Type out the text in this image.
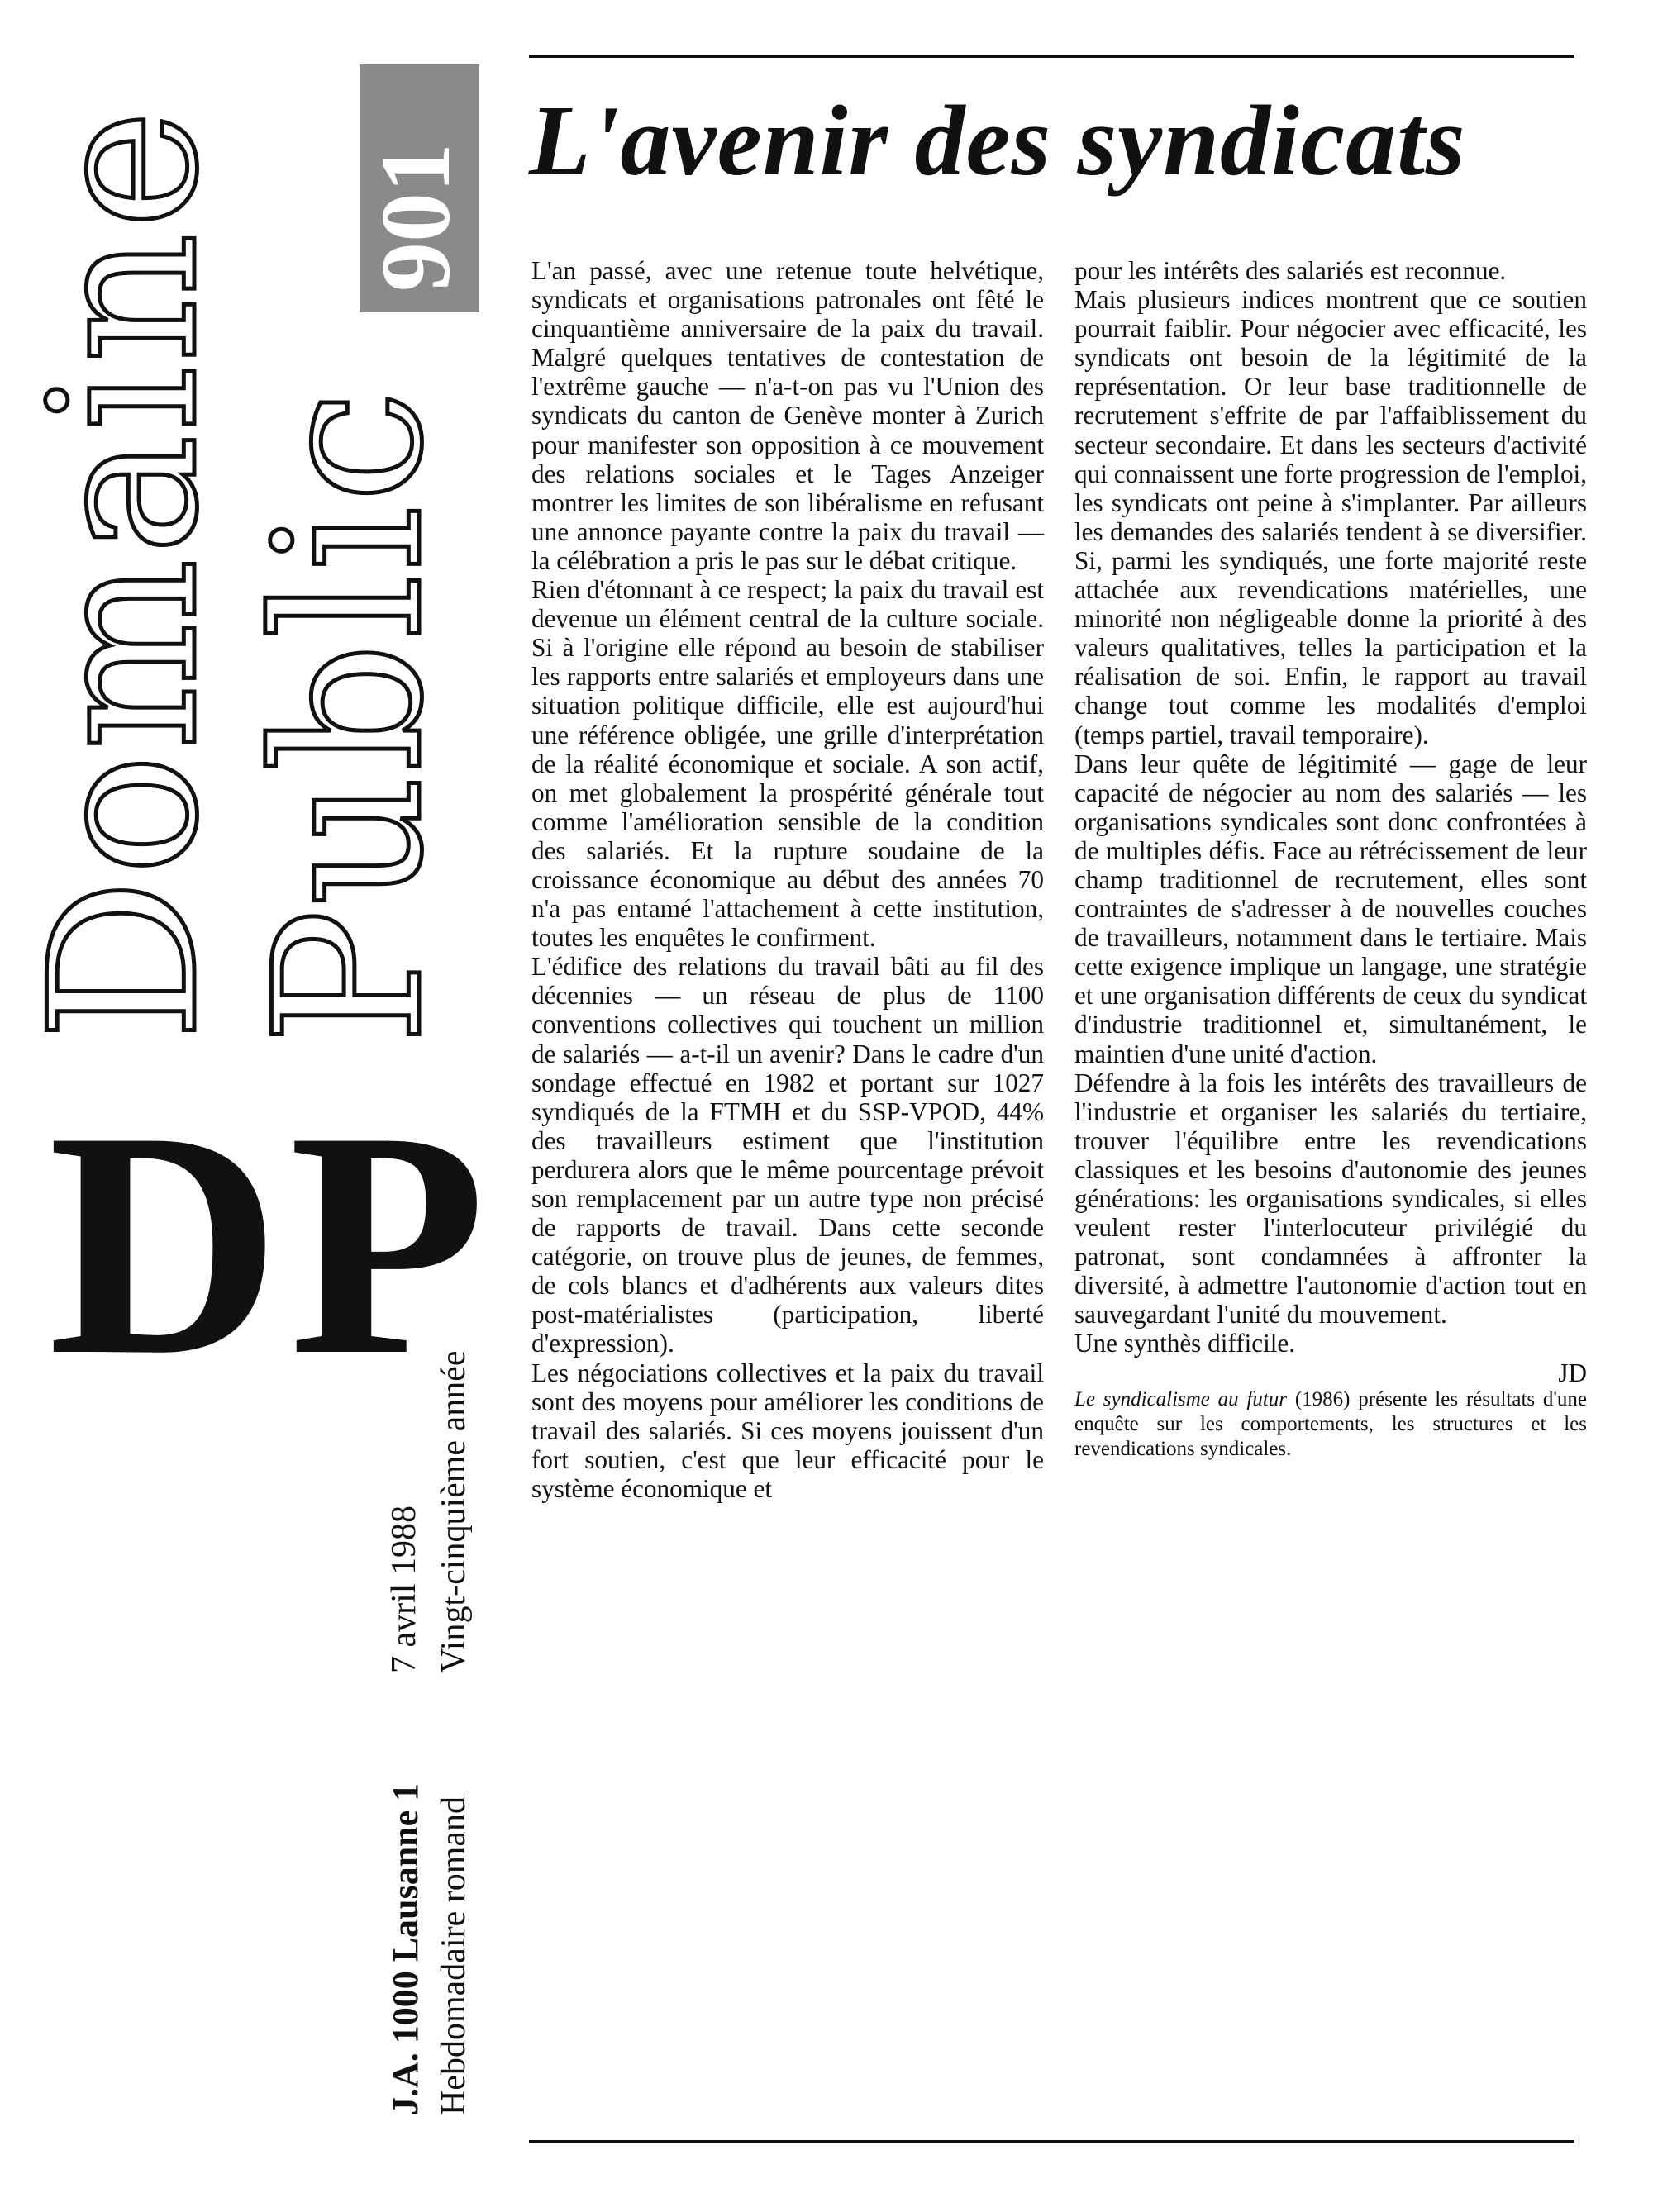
Domaine
Public
901
DP
J.A. 1000 Lausanne 1 Hebdomadaire romand
7 avril 1988 Vingt-cinquième année
L'avenir des syndicats

L'an passé, avec une retenue toute helvétique, syndicats et organisations patronales ont fêté le cinquantième anniversaire de la paix du travail. Malgré quelques tentatives de contestation de l'extrême gauche — n'a-t-on pas vu l'Union des syndicats du canton de Genève monter à Zurich pour manifester son opposition à ce mouvement des relations sociales et le Tages Anzeiger montrer les limites de son libéralisme en refusant une annonce payante contre la paix du travail — la célébration a pris le pas sur le débat critique.

Rien d'étonnant à ce respect; la paix du travail est devenue un élément central de la culture sociale. Si à l'origine elle répond au besoin de stabiliser les rapports entre salariés et employeurs dans une situation politique difficile, elle est aujourd'hui une référence obligée, une grille d'interprétation de la réalité économique et sociale. A son actif, on met globalement la prospérité générale tout comme l'amélioration sensible de la condition des salariés. Et la rupture soudaine de la croissance économique au début des années 70 n'a pas entamé l'attachement à cette institution, toutes les enquêtes le confirment.

L'édifice des relations du travail bâti au fil des décennies — un réseau de plus de 1100 conventions collectives qui touchent un million de salariés — a-t-il un avenir? Dans le cadre d'un sondage effectué en 1982 et portant sur 1027 syndiqués de la FTMH et du SSP-VPOD, 44% des travailleurs estiment que l'institution perdurera alors que le même pourcentage prévoit son remplacement par un autre type non précisé de rapports de travail. Dans cette seconde catégorie, on trouve plus de jeunes, de femmes, de cols blancs et d'adhérents aux valeurs dites post-matérialistes (participation, liberté d'expression).

Les négociations collectives et la paix du travail sont des moyens pour améliorer les conditions de travail des salariés. Si ces moyens jouissent d'un fort soutien, c'est que leur efficacité pour le système économique et

pour les intérêts des salariés est reconnue.

Mais plusieurs indices montrent que ce soutien pourrait faiblir. Pour négocier avec efficacité, les syndicats ont besoin de la légitimité de la représentation. Or leur base traditionnelle de recrutement s'effrite de par l'affaiblissement du secteur secondaire. Et dans les secteurs d'activité qui connaissent une forte progression de l'emploi, les syndicats ont peine à s'implanter. Par ailleurs les demandes des salariés tendent à se diversifier. Si, parmi les syndiqués, une forte majorité reste attachée aux revendications matérielles, une minorité non négligeable donne la priorité à des valeurs qualitatives, telles la participation et la réalisation de soi. Enfin, le rapport au travail change tout comme les modalités d'emploi (temps partiel, travail temporaire).

Dans leur quête de légitimité — gage de leur capacité de négocier au nom des salariés — les organisations syndicales sont donc confrontées à de multiples défis. Face au rétrécissement de leur champ traditionnel de recrutement, elles sont contraintes de s'adresser à de nouvelles couches de travailleurs, notamment dans le tertiaire. Mais cette exigence implique un langage, une stratégie et une organisation différents de ceux du syndicat d'industrie traditionnel et, simultanément, le maintien d'une unité d'action.

Défendre à la fois les intérêts des travailleurs de l'industrie et organiser les salariés du tertiaire, trouver l'équilibre entre les revendications classiques et les besoins d'autonomie des jeunes générations: les organisations syndicales, si elles veulent rester l'interlocuteur privilégié du patronat, sont condamnées à affronter la diversité, à admettre l'autonomie d'action tout en sauvegardant l'unité du mouvement.

Une synthès difficile.

JD

Le syndicalisme au futur (1986) présente les résultats d'une enquête sur les comportements, les structures et les revendications syndicales.
